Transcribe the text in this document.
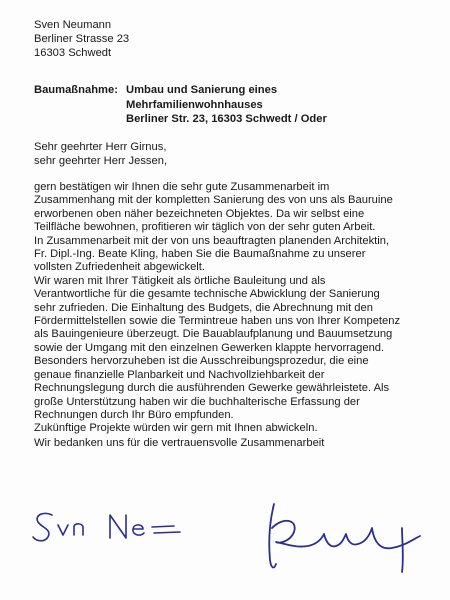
Sven Neumann
Berliner Strasse 23
16303 Schwedt
Baumaßnahme: Umbau und Sanierung eines
Mehrfamilienwohnhauses
Berliner Str. 23, 16303 Schwedt / Oder
Sehr geehrter Herr Girnus,
sehr geehrter Herr Jessen,
gern bestätigen wir Ihnen die sehr gute Zusammenarbeit im
Zusammenhang mit der kompletten Sanierung des von uns als Bauruine
erworbenen oben näher bezeichneten Objektes. Da wir selbst eine
Teilfläche bewohnen, profitieren wir täglich von der sehr guten Arbeit.
In Zusammenarbeit mit der von uns beauftragten planenden Architektin,
Fr. Dipl.-Ing. Beate Kling, haben Sie die Baumaßnahme zu unserer
vollsten Zufriedenheit abgewickelt.
Wir waren mit Ihrer Tätigkeit als örtliche Bauleitung und als
Verantwortliche für die gesamte technische Abwicklung der Sanierung
sehr zufrieden. Die Einhaltung des Budgets, die Abrechnung mit den
Fördermittelstellen sowie die Termintreue haben uns von Ihrer Kompetenz
als Bauingenieure überzeugt. Die Bauablaufplanung und Bauumsetzung
sowie der Umgang mit den einzelnen Gewerken klappte hervorragend.
Besonders hervorzuheben ist die Ausschreibungsprozedur, die eine
genaue finanzielle Planbarkeit und Nachvollziehbarkeit der
Rechnungslegung durch die ausführenden Gewerke gewährleistete. Als
große Unterstützung haben wir die buchhalterische Erfassung der
Rechnungen durch Ihr Büro empfunden.
Zukünftige Projekte würden wir gern mit Ihnen abwickeln.
Wir bedanken uns für die vertrauensvolle Zusammenarbeit
